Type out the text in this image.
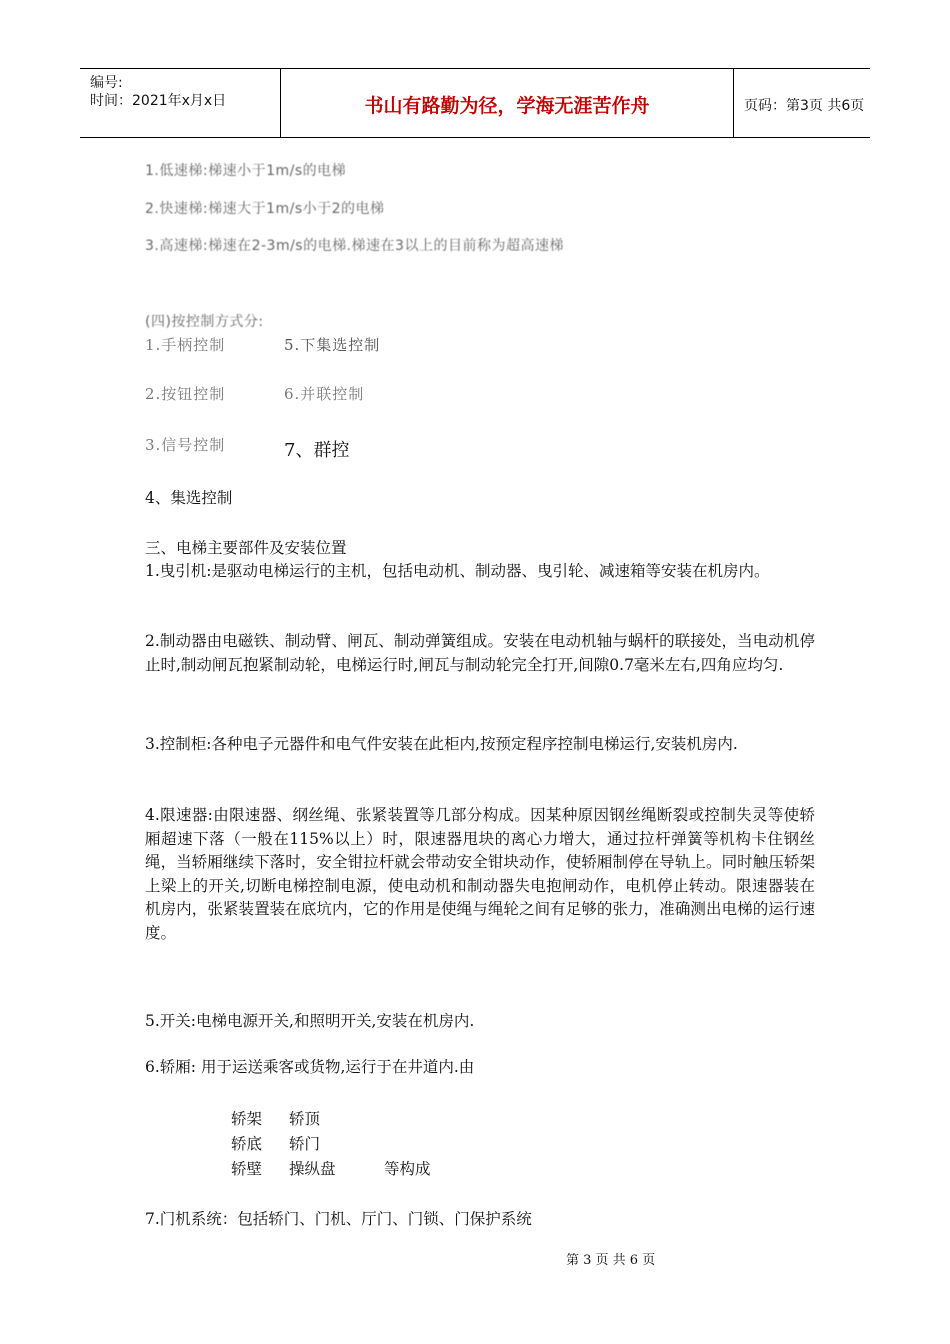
编号:
时间：2021年x月x日	书山有路勤为径，学海无涯苦作舟	页码：第3页 共6页
1.低速梯:梯速小于1m/s的电梯
2.快速梯:梯速大于1m/s小于2的电梯
3.高速梯:梯速在2-3m/s的电梯.梯速在3以上的目前称为超高速梯
(四)按控制方式分:
1.手柄控制	5.下集选控制
2.按钮控制	6.并联控制
3.信号控制	7、群控
4、集选控制
三、电梯主要部件及安装位置
1.曳引机:是驱动电梯运行的主机，包括电动机、制动器、曳引轮、减速箱等安装在机房内。
2.制动器由电磁铁、制动臂、闸瓦、制动弹簧组成。安装在电动机轴与蜗杆的联接处，当电动机停止时,制动闸瓦抱紧制动轮，电梯运行时,闸瓦与制动轮完全打开,间隙0.7毫米左右,四角应均匀.
3.控制柜:各种电子元器件和电气件安装在此柜内,按预定程序控制电梯运行,安装机房内.
4.限速器:由限速器、纲丝绳、张紧装置等几部分构成。因某种原因钢丝绳断裂或控制失灵等使轿厢超速下落（一般在115%以上）时，限速器甩块的离心力增大，通过拉杆弹簧等机构卡住钢丝绳，当轿厢继续下落时，安全钳拉杆就会带动安全钳块动作，使轿厢制停在导轨上。同时触压轿架上梁上的开关,切断电梯控制电源，使电动机和制动器失电抱闸动作，电机停止转动。限速器装在机房内，张紧装置装在底坑内，它的作用是使绳与绳轮之间有足够的张力，准确测出电梯的运行速度。
5.开关:电梯电源开关,和照明开关,安装在机房内.
6.轿厢: 用于运送乘客或货物,运行于在井道内.由
轿架 轿顶
轿底 轿门
轿壁 操纵盘	等构成
7.门机系统：包括轿门、门机、厅门、门锁、门保护系统
第 3 页 共 6 页
